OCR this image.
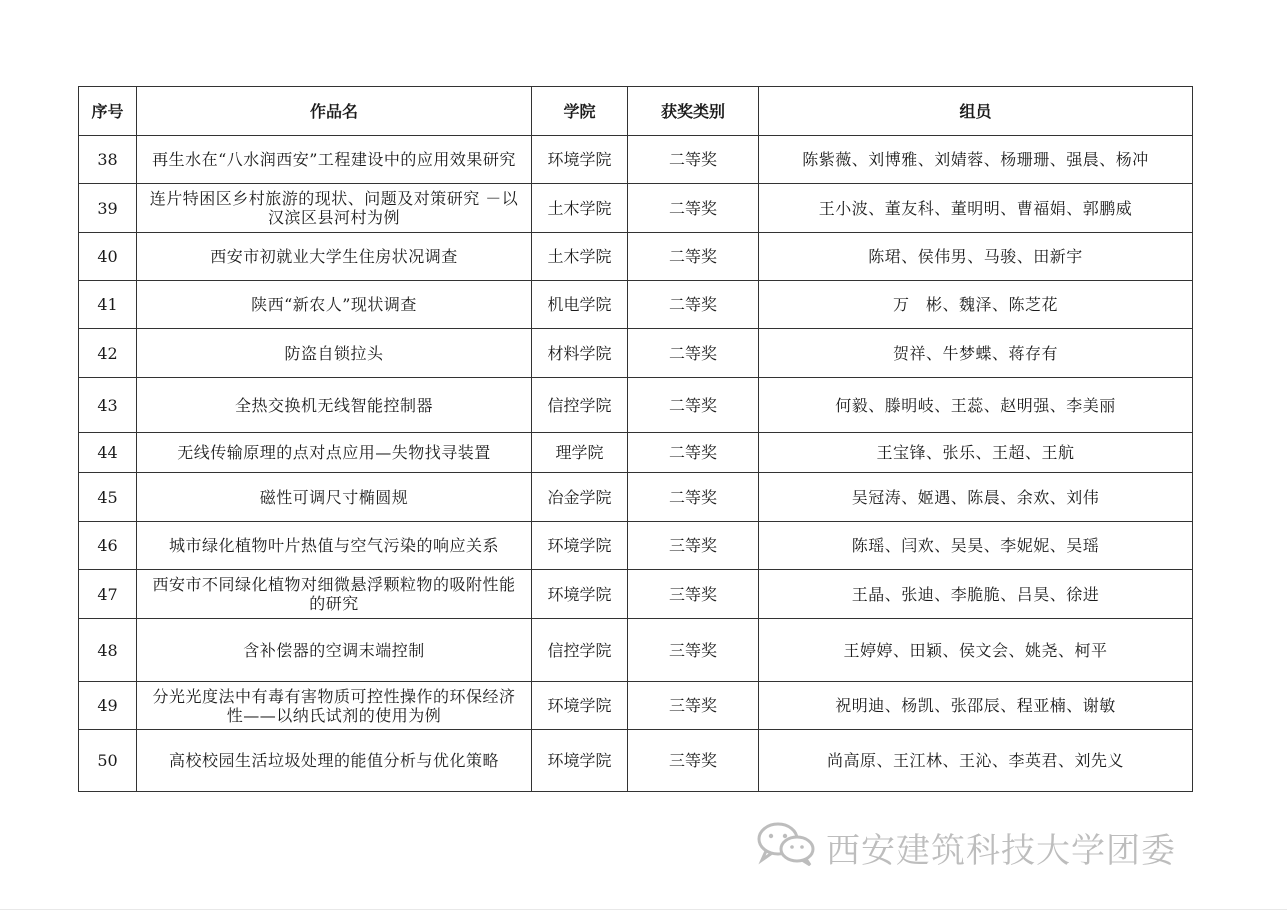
序号	作品名	学院	获奖类别	组员
38	再生水在“八水润西安”工程建设中的应用效果研究	环境学院	二等奖	陈紫薇、刘博雅、刘婧蓉、杨珊珊、强晨、杨冲
39	连片特困区乡村旅游的现状、问题及对策研究 －以汉滨区县河村为例	土木学院	二等奖	王小波、董友科、董明明、曹福娟、郭鹏威
40	西安市初就业大学生住房状况调查	土木学院	二等奖	陈珺、侯伟男、马骏、田新宇
41	陕西“新农人”现状调查	机电学院	二等奖	万　彬、魏泽、陈芝花
42	防盗自锁拉头	材料学院	二等奖	贺祥、牛梦蝶、蒋存有
43	全热交换机无线智能控制器	信控学院	二等奖	何毅、滕明岐、王蕊、赵明强、李美丽
44	无线传输原理的点对点应用—失物找寻装置	理学院	二等奖	王宝锋、张乐、王超、王航
45	磁性可调尺寸椭圆规	冶金学院	二等奖	吴冠涛、姬遇、陈晨、余欢、刘伟
46	城市绿化植物叶片热值与空气污染的响应关系	环境学院	三等奖	陈瑶、闫欢、吴昊、李妮妮、吴瑶
47	西安市不同绿化植物对细微悬浮颗粒物的吸附性能的研究	环境学院	三等奖	王晶、张迪、李脆脆、吕昊、徐进
48	含补偿器的空调末端控制	信控学院	三等奖	王婷婷、田颖、侯文会、姚尧、柯平
49	分光光度法中有毒有害物质可控性操作的环保经济性——以纳氏试剂的使用为例	环境学院	三等奖	祝明迪、杨凯、张邵辰、程亚楠、谢敏
50	高校校园生活垃圾处理的能值分析与优化策略	环境学院	三等奖	尚高原、王江林、王沁、李英君、刘先义
西安建筑科技大学团委
